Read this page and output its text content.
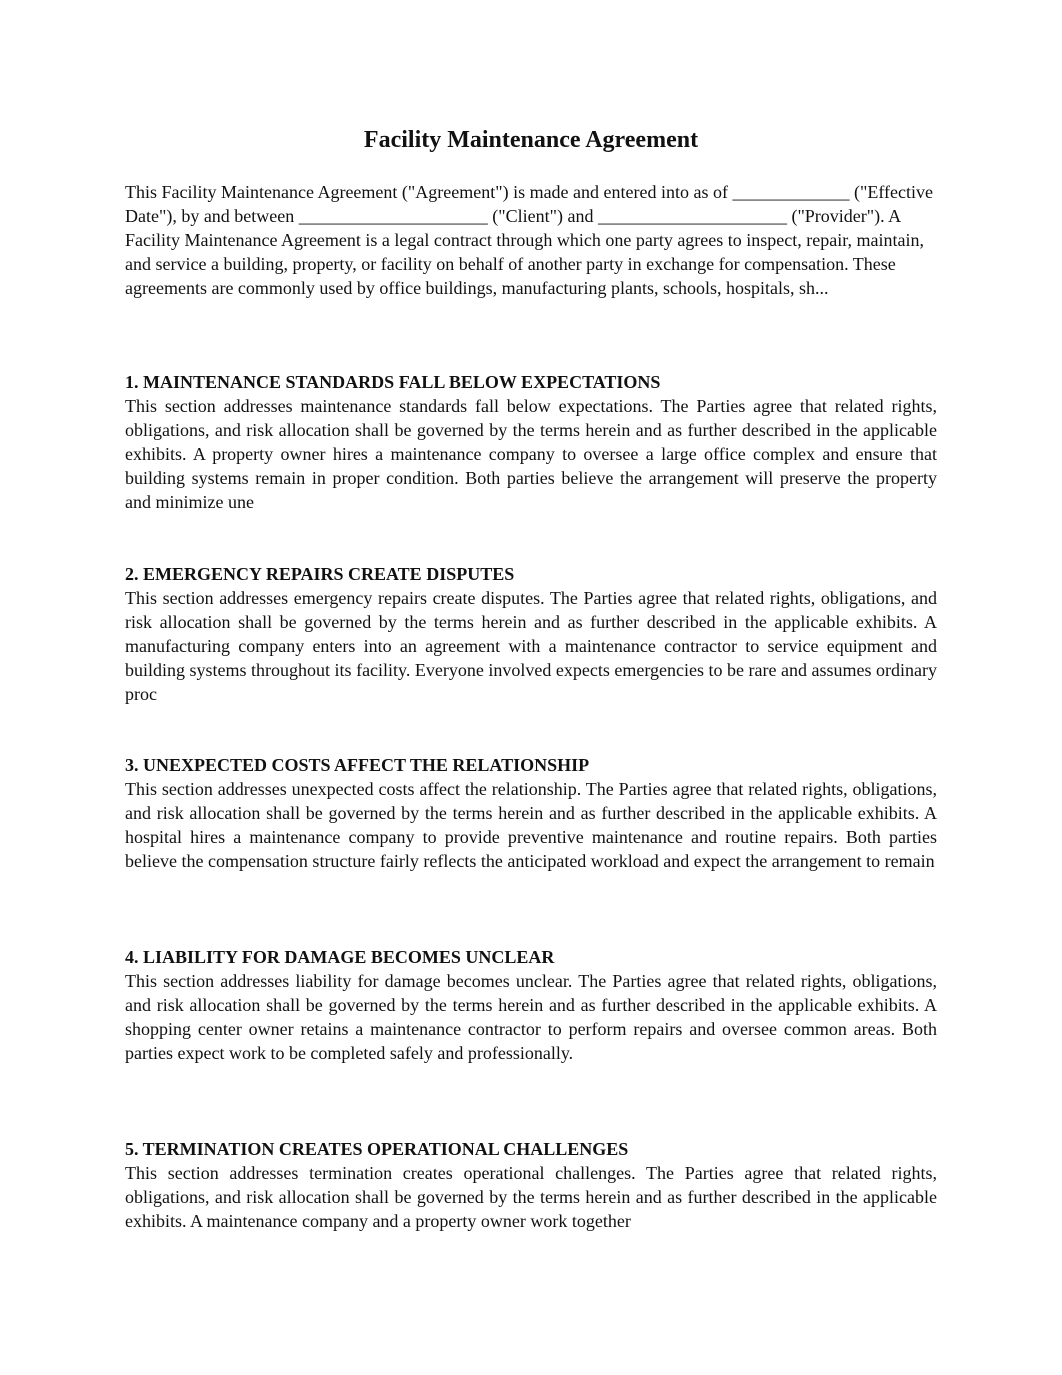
Facility Maintenance Agreement

This Facility Maintenance Agreement ("Agreement") is made and entered into as of _____________ ("Effective Date"), by and between _____________________ ("Client") and _____________________ ("Provider"). A Facility Maintenance Agreement is a legal contract through which one party agrees to inspect, repair, maintain, and service a building, property, or facility on behalf of another party in exchange for compensation. These agreements are commonly used by office buildings, manufacturing plants, schools, hospitals, sh...

1. MAINTENANCE STANDARDS FALL BELOW EXPECTATIONS

This section addresses maintenance standards fall below expectations. The Parties agree that related rights, obligations, and risk allocation shall be governed by the terms herein and as further described in the applicable exhibits. A property owner hires a maintenance company to oversee a large office complex and ensure that building systems remain in proper condition. Both parties believe the arrangement will preserve the property and minimize une

2. EMERGENCY REPAIRS CREATE DISPUTES

This section addresses emergency repairs create disputes. The Parties agree that related rights, obligations, and risk allocation shall be governed by the terms herein and as further described in the applicable exhibits. A manufacturing company enters into an agreement with a maintenance contractor to service equipment and building systems throughout its facility. Everyone involved expects emergencies to be rare and assumes ordinary proc

3. UNEXPECTED COSTS AFFECT THE RELATIONSHIP

This section addresses unexpected costs affect the relationship. The Parties agree that related rights, obligations, and risk allocation shall be governed by the terms herein and as further described in the applicable exhibits. A hospital hires a maintenance company to provide preventive maintenance and routine repairs. Both parties believe the compensation structure fairly reflects the anticipated workload and expect the arrangement to remain

4. LIABILITY FOR DAMAGE BECOMES UNCLEAR

This section addresses liability for damage becomes unclear. The Parties agree that related rights, obligations, and risk allocation shall be governed by the terms herein and as further described in the applicable exhibits. A shopping center owner retains a maintenance contractor to perform repairs and oversee common areas. Both parties expect work to be completed safely and professionally.

5. TERMINATION CREATES OPERATIONAL CHALLENGES

This section addresses termination creates operational challenges. The Parties agree that related rights, obligations, and risk allocation shall be governed by the terms herein and as further described in the applicable exhibits. A maintenance company and a property owner work together
